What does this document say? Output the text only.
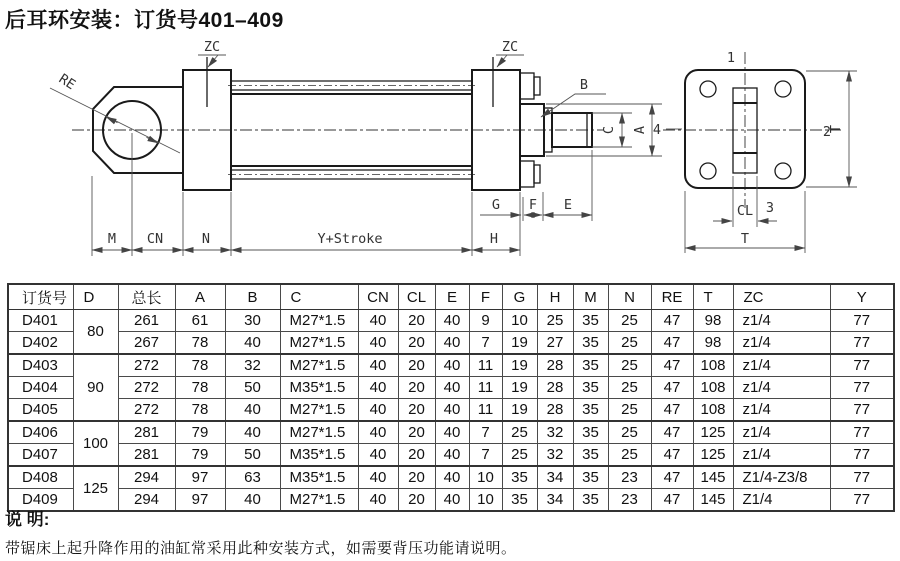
后耳环安装：订货号401–409
RE
ZC	ZC
B
C A 4
M CN	N	Y+Stroke	H
G F E
1
2
T
3
CL
T
订货号	D	总长	A	B	C	CN	CL	E	F	G	H	M	N	RE	T	ZC	Y
D401	80	261	61	30	M27*1.5	40	20	40	9	10	25	35	25	47	98	z1/4	77
D402		267	78	40	M27*1.5	40	20	40	7	19	27	35	25	47	98	z1/4	77
D403	90	272	78	32	M27*1.5	40	20	40	11	19	28	35	25	47	108	z1/4	77
D404		272	78	50	M35*1.5	40	20	40	11	19	28	35	25	47	108	z1/4	77
D405		272	78	40	M27*1.5	40	20	40	11	19	28	35	25	47	108	z1/4	77
D406	100	281	79	40	M27*1.5	40	20	40	7	25	32	35	25	47	125	z1/4	77
D407		281	79	50	M35*1.5	40	20	40	7	25	32	35	25	47	125	z1/4	77
D408	125	294	97	63	M35*1.5	40	20	40	10	35	34	35	23	47	145	Z1/4-Z3/8	77
D409		294	97	40	M27*1.5	40	20	40	10	35	34	35	23	47	145	Z1/4	77

说 明:

带锯床上起升降作用的油缸常采用此种安装方式，如需要背压功能请说明。
